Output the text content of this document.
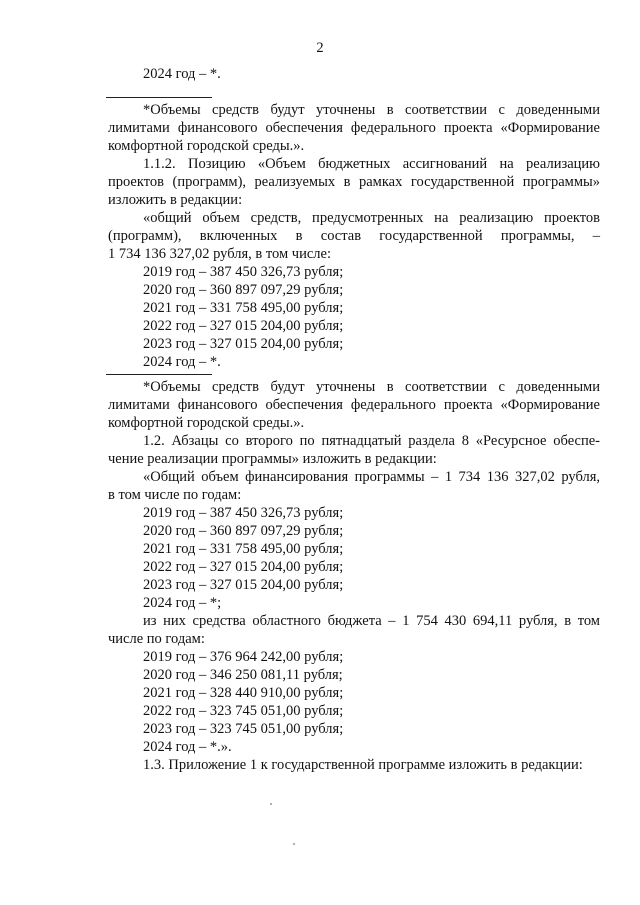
2
2024 год – *.
*Объемы средств будут уточнены в соответствии с доведенными
лимитами финансового обеспечения федерального проекта «Формирование
комфортной городской среды.».
1.1.2. Позицию «Объем бюджетных ассигнований на реализацию
проектов (программ), реализуемых в рамках государственной программы»
изложить в редакции:
«общий объем средств, предусмотренных на реализацию проектов
(программ), включенных в состав государственной программы, –
1 734 136 327,02 рубля, в том числе:
2019 год – 387 450 326,73 рубля;
2020 год – 360 897 097,29 рубля;
2021 год – 331 758 495,00 рубля;
2022 год – 327 015 204,00 рубля;
2023 год – 327 015 204,00 рубля;
2024 год – *.
*Объемы средств будут уточнены в соответствии с доведенными
лимитами финансового обеспечения федерального проекта «Формирование
комфортной городской среды.».
1.2. Абзацы со второго по пятнадцатый раздела 8 «Ресурсное обеспе-
чение реализации программы» изложить в редакции:
«Общий объем финансирования программы – 1 734 136 327,02 рубля,
в том числе по годам:
2019 год – 387 450 326,73 рубля;
2020 год – 360 897 097,29 рубля;
2021 год – 331 758 495,00 рубля;
2022 год – 327 015 204,00 рубля;
2023 год – 327 015 204,00 рубля;
2024 год – *;
из них средства областного бюджета – 1 754 430 694,11 рубля, в том
числе по годам:
2019 год – 376 964 242,00 рубля;
2020 год – 346 250 081,11 рубля;
2021 год – 328 440 910,00 рубля;
2022 год – 323 745 051,00 рубля;
2023 год – 323 745 051,00 рубля;
2024 год – *.».
1.3. Приложение 1 к государственной программе изложить в редакции:
